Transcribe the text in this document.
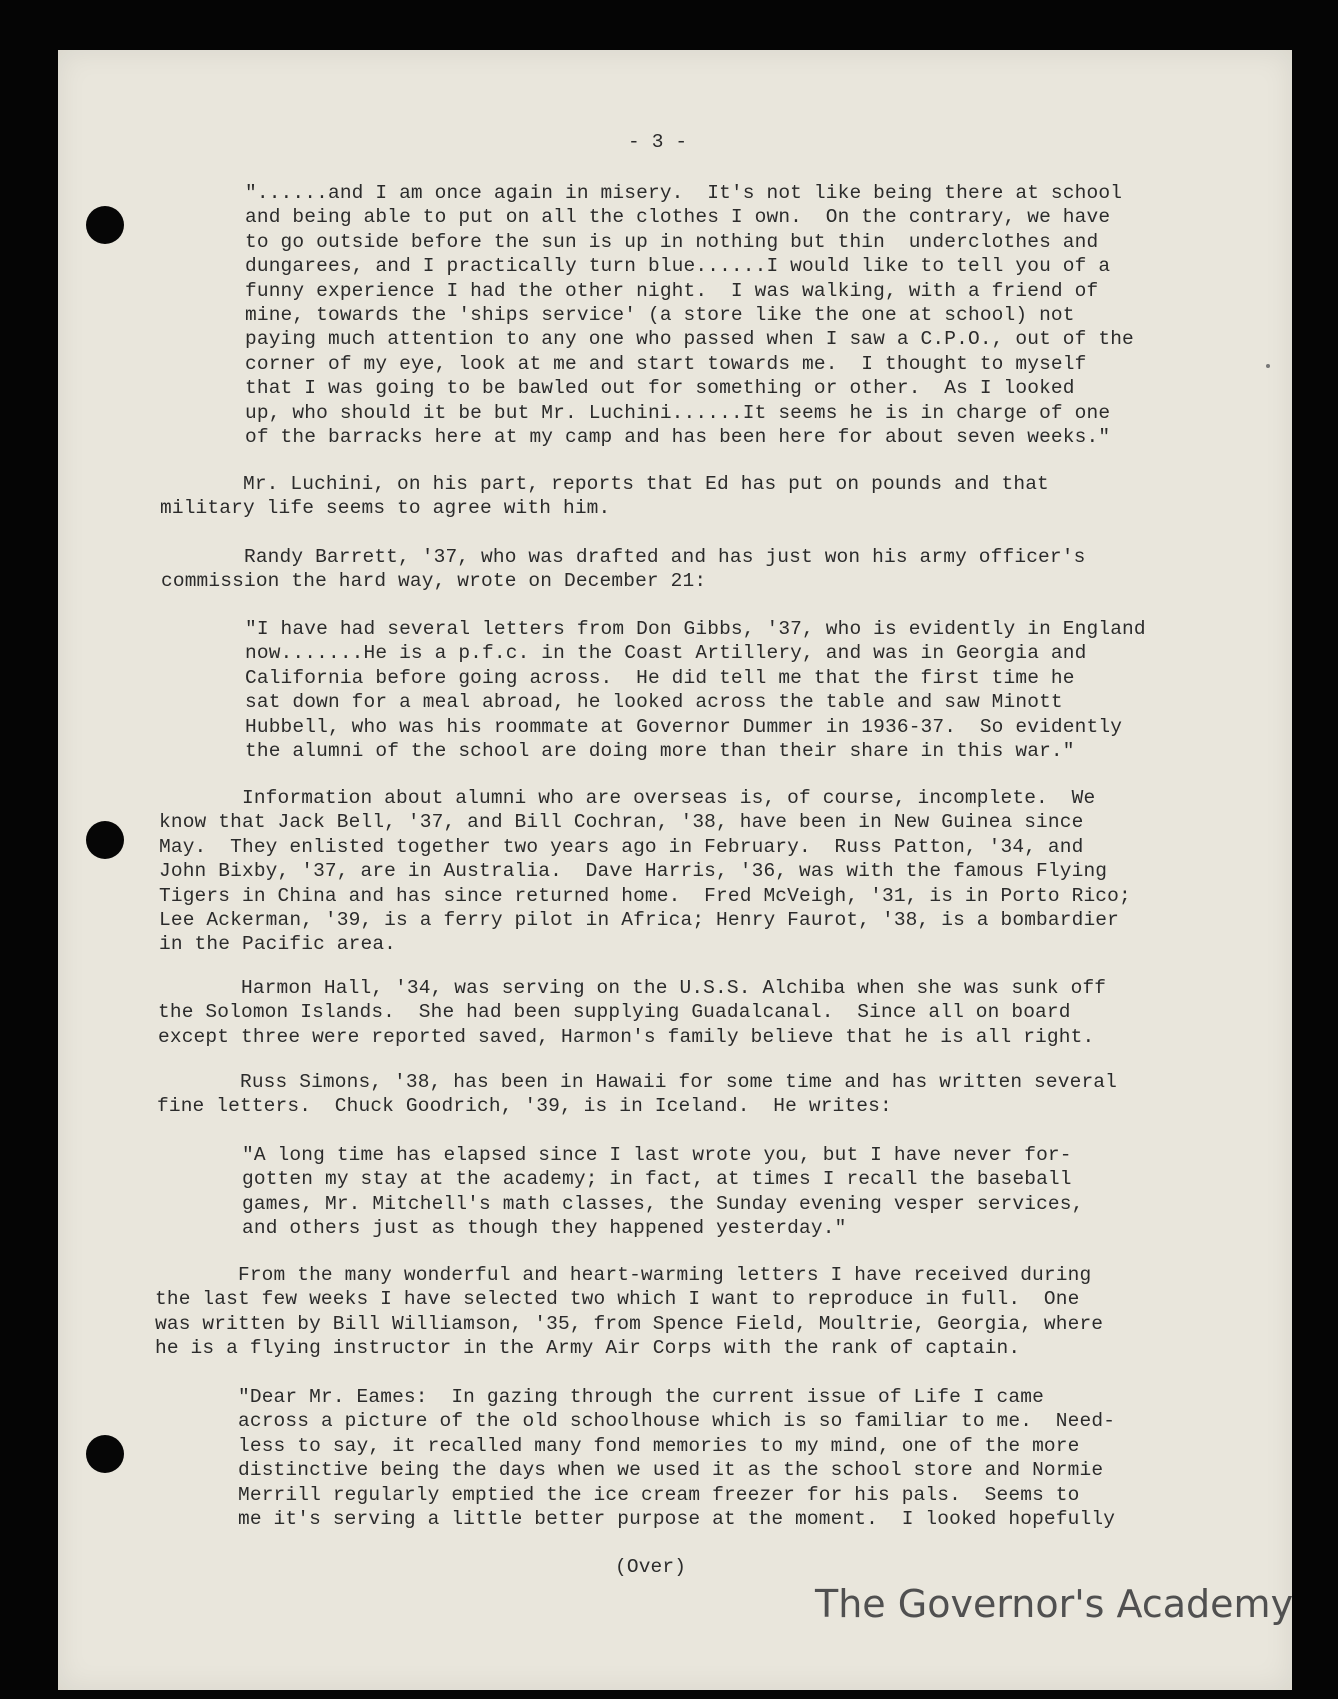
- 3 -
"......and I am once again in misery.  It's not like being there at school
and being able to put on all the clothes I own.  On the contrary, we have
to go outside before the sun is up in nothing but thin  underclothes and
dungarees, and I practically turn blue......I would like to tell you of a
funny experience I had the other night.  I was walking, with a friend of
mine, towards the 'ships service' (a store like the one at school) not
paying much attention to any one who passed when I saw a C.P.O., out of the
corner of my eye, look at me and start towards me.  I thought to myself
that I was going to be bawled out for something or other.  As I looked
up, who should it be but Mr. Luchini......It seems he is in charge of one
of the barracks here at my camp and has been here for about seven weeks."
Mr. Luchini, on his part, reports that Ed has put on pounds and that
military life seems to agree with him.
Randy Barrett, '37, who was drafted and has just won his army officer's
commission the hard way, wrote on December 21:
"I have had several letters from Don Gibbs, '37, who is evidently in England
now.......He is a p.f.c. in the Coast Artillery, and was in Georgia and
California before going across.  He did tell me that the first time he
sat down for a meal abroad, he looked across the table and saw Minott
Hubbell, who was his roommate at Governor Dummer in 1936-37.  So evidently
the alumni of the school are doing more than their share in this war."
Information about alumni who are overseas is, of course, incomplete.  We
know that Jack Bell, '37, and Bill Cochran, '38, have been in New Guinea since
May.  They enlisted together two years ago in February.  Russ Patton, '34, and
John Bixby, '37, are in Australia.  Dave Harris, '36, was with the famous Flying
Tigers in China and has since returned home.  Fred McVeigh, '31, is in Porto Rico;
Lee Ackerman, '39, is a ferry pilot in Africa; Henry Faurot, '38, is a bombardier
in the Pacific area.
Harmon Hall, '34, was serving on the U.S.S. Alchiba when she was sunk off
the Solomon Islands.  She had been supplying Guadalcanal.  Since all on board
except three were reported saved, Harmon's family believe that he is all right.
Russ Simons, '38, has been in Hawaii for some time and has written several
fine letters.  Chuck Goodrich, '39, is in Iceland.  He writes:
"A long time has elapsed since I last wrote you, but I have never for-
gotten my stay at the academy; in fact, at times I recall the baseball
games, Mr. Mitchell's math classes, the Sunday evening vesper services,
and others just as though they happened yesterday."
From the many wonderful and heart-warming letters I have received during
the last few weeks I have selected two which I want to reproduce in full.  One
was written by Bill Williamson, '35, from Spence Field, Moultrie, Georgia, where
he is a flying instructor in the Army Air Corps with the rank of captain.
"Dear Mr. Eames:  In gazing through the current issue of Life I came
across a picture of the old schoolhouse which is so familiar to me.  Need-
less to say, it recalled many fond memories to my mind, one of the more
distinctive being the days when we used it as the school store and Normie
Merrill regularly emptied the ice cream freezer for his pals.  Seems to
me it's serving a little better purpose at the moment.  I looked hopefully
(Over)
The Governor's Academy
